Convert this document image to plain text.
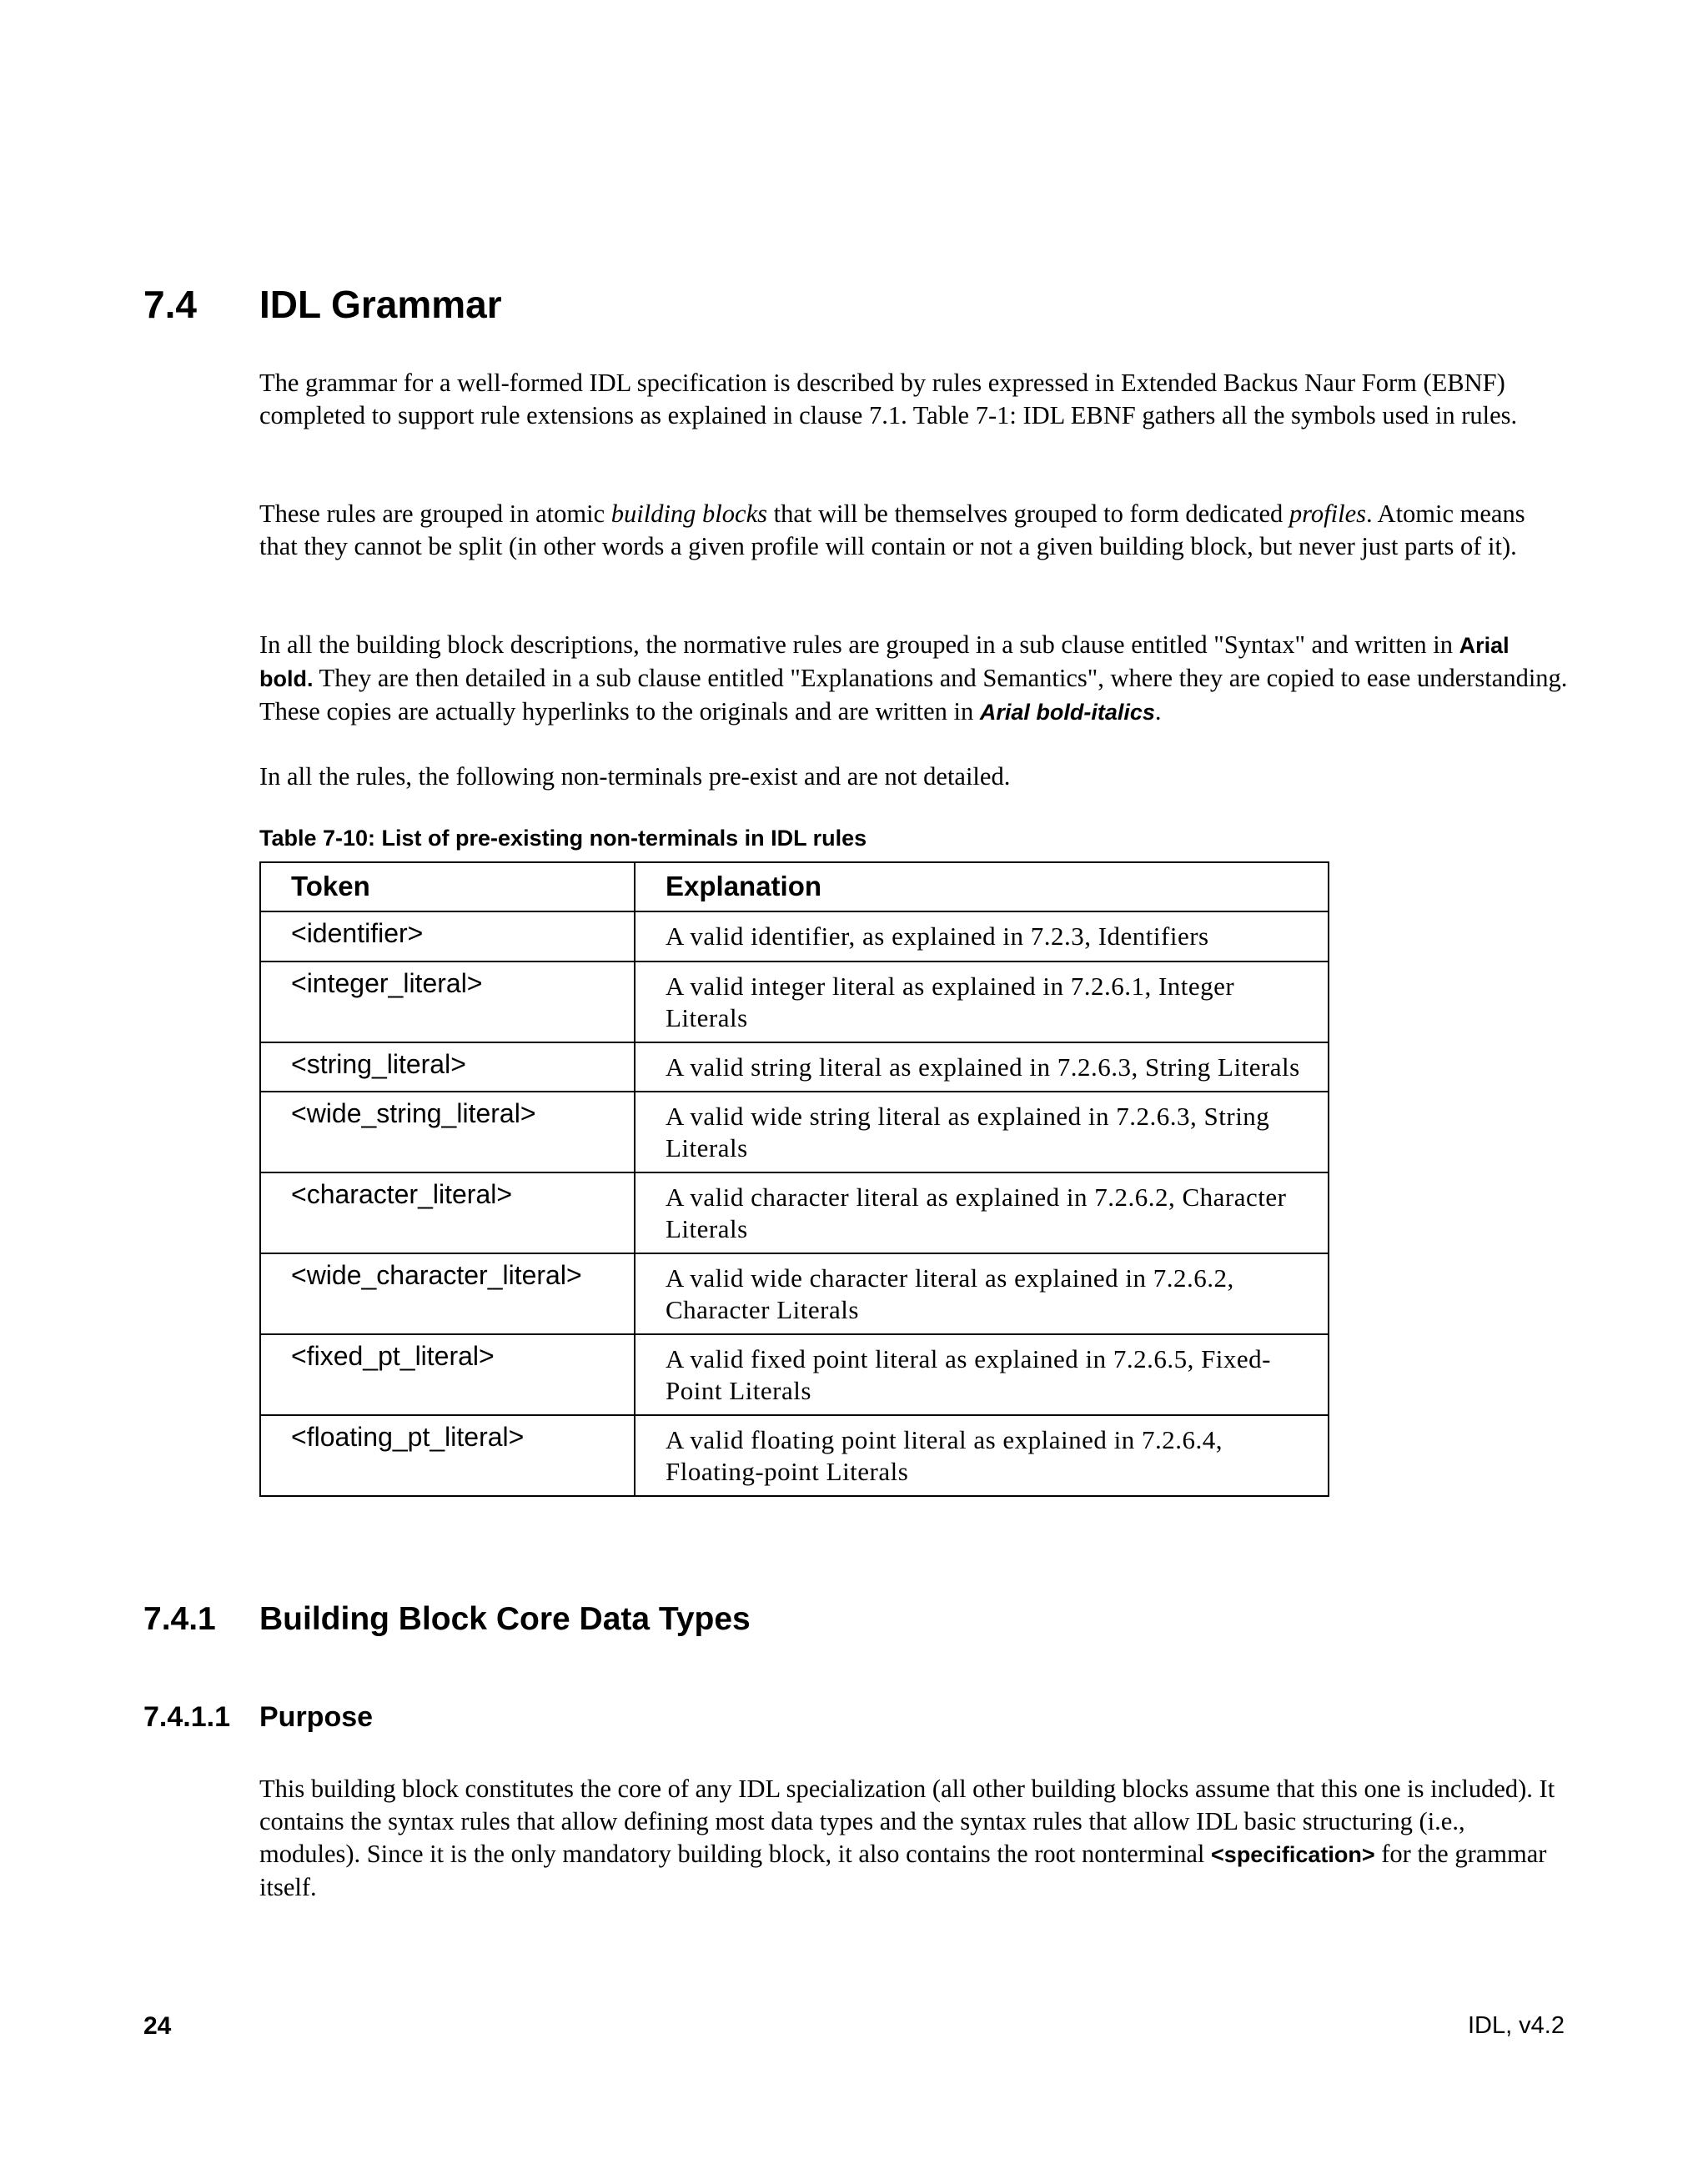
7.4 IDL Grammar

The grammar for a well-formed IDL specification is described by rules expressed in Extended Backus Naur Form (EBNF) completed to support rule extensions as explained in clause 7.1. Table 7-1: IDL EBNF gathers all the symbols used in rules.

These rules are grouped in atomic building blocks that will be themselves grouped to form dedicated profiles. Atomic means that they cannot be split (in other words a given profile will contain or not a given building block, but never just parts of it).

In all the building block descriptions, the normative rules are grouped in a sub clause entitled "Syntax" and written in Arial bold. They are then detailed in a sub clause entitled "Explanations and Semantics", where they are copied to ease understanding. These copies are actually hyperlinks to the originals and are written in Arial bold-italics.

In all the rules, the following non-terminals pre-exist and are not detailed.

Table 7-10: List of pre-existing non-terminals in IDL rules
Token	Explanation
<identifier>	A valid identifier, as explained in 7.2.3, Identifiers
<integer_literal>	A valid integer literal as explained in 7.2.6.1, Integer Literals
<string_literal>	A valid string literal as explained in 7.2.6.3, String Literals
<wide_string_literal>	A valid wide string literal as explained in 7.2.6.3, String Literals
<character_literal>	A valid character literal as explained in 7.2.6.2, Character Literals
<wide_character_literal>	A valid wide character literal as explained in 7.2.6.2, Character Literals
<fixed_pt_literal>	A valid fixed point literal as explained in 7.2.6.5, Fixed-Point Literals
<floating_pt_literal>	A valid floating point literal as explained in 7.2.6.4, Floating-point Literals
7.4.1 Building Block Core Data Types
7.4.1.1 Purpose

This building block constitutes the core of any IDL specialization (all other building blocks assume that this one is included). It contains the syntax rules that allow defining most data types and the syntax rules that allow IDL basic structuring (i.e., modules). Since it is the only mandatory building block, it also contains the root nonterminal <specification> for the grammar itself.

24	IDL, v4.2
